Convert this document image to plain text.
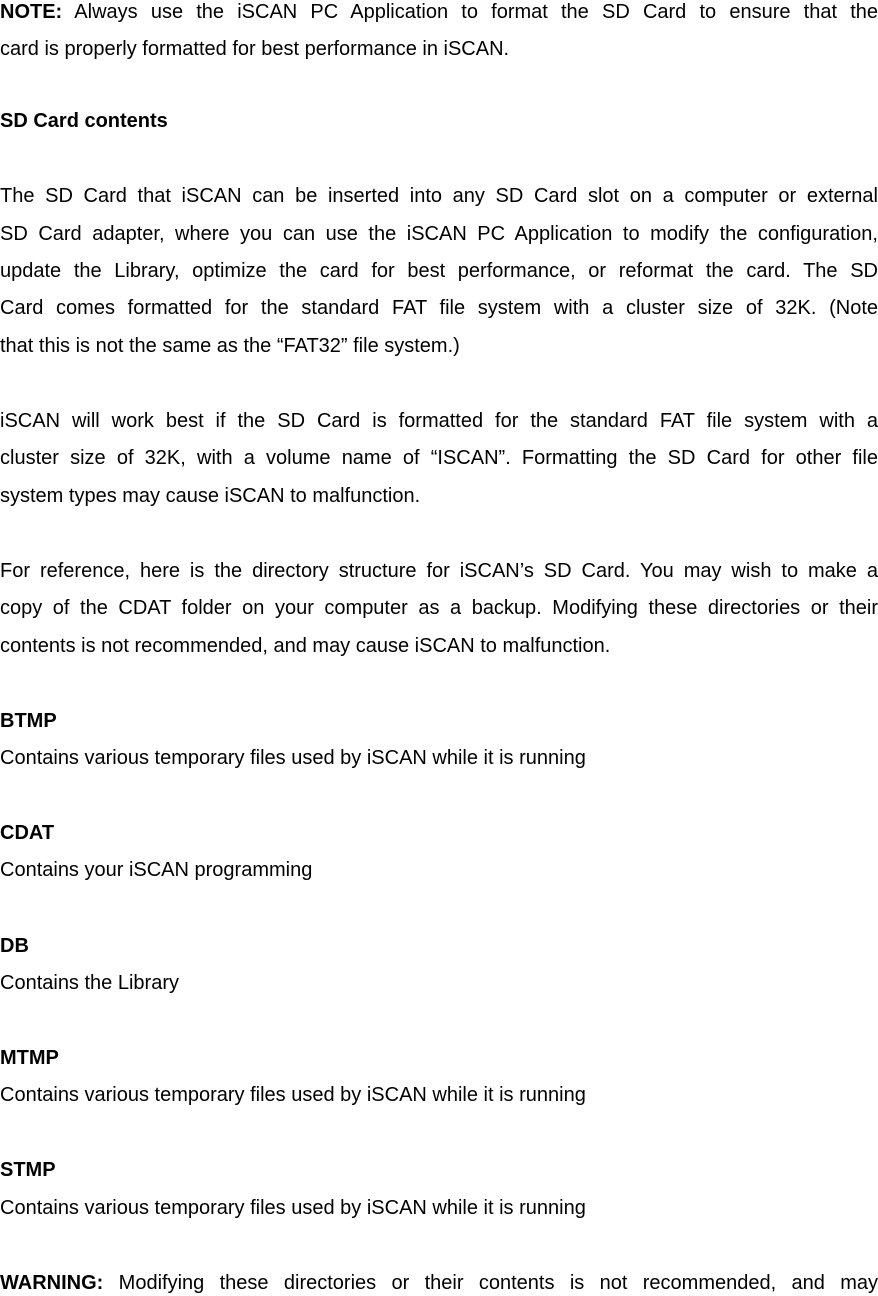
NOTE: Always use the iSCAN PC Application to format the SD Card to ensure that the
card is properly formatted for best performance in iSCAN.
SD Card contents
The SD Card that iSCAN can be inserted into any SD Card slot on a computer or external
SD Card adapter, where you can use the iSCAN PC Application to modify the configuration,
update the Library, optimize the card for best performance, or reformat the card. The SD
Card comes formatted for the standard FAT file system with a cluster size of 32K. (Note
that this is not the same as the “FAT32” file system.)
iSCAN will work best if the SD Card is formatted for the standard FAT file system with a
cluster size of 32K, with a volume name of “ISCAN”. Formatting the SD Card for other file
system types may cause iSCAN to malfunction.
For reference, here is the directory structure for iSCAN’s SD Card. You may wish to make a
copy of the CDAT folder on your computer as a backup. Modifying these directories or their
contents is not recommended, and may cause iSCAN to malfunction.
BTMP
Contains various temporary files used by iSCAN while it is running
CDAT
Contains your iSCAN programming
DB
Contains the Library
MTMP
Contains various temporary files used by iSCAN while it is running
STMP
Contains various temporary files used by iSCAN while it is running
WARNING: Modifying these directories or their contents is not recommended, and may
